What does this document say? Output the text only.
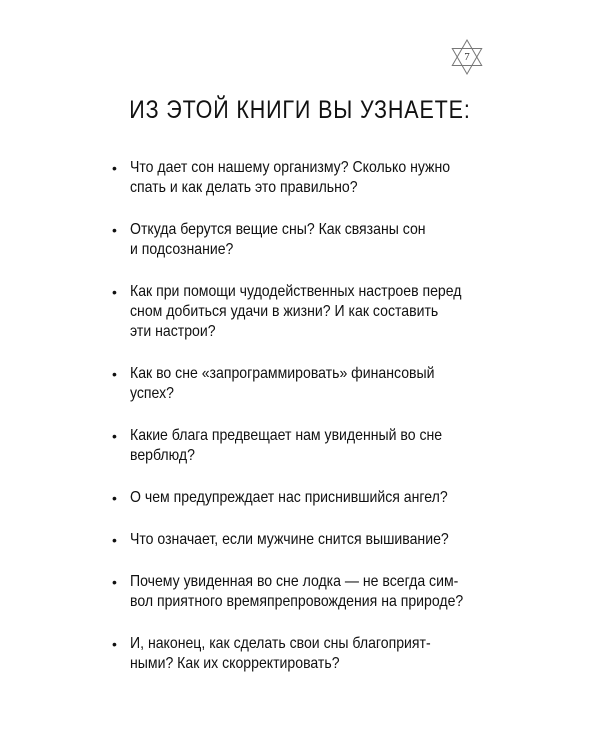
7
ИЗ ЭТОЙ КНИГИ ВЫ УЗНАЕТЕ:
• Что дает сон нашему организму? Сколько нужно
спать и как делать это правильно?
• Откуда берутся вещие сны? Как связаны сон
и подсознание?
• Как при помощи чудодейственных настроев перед
сном добиться удачи в жизни? И как составить
эти настрои?
• Как во сне «запрограммировать» финансовый
успех?
• Какие блага предвещает нам увиденный во сне
верблюд?
• О чем предупреждает нас приснившийся ангел?
• Что означает, если мужчине снится вышивание?
• Почему увиденная во сне лодка — не всегда сим-
вол приятного времяпрепровождения на природе?
• И, наконец, как сделать свои сны благоприят-
ными? Как их скорректировать?
